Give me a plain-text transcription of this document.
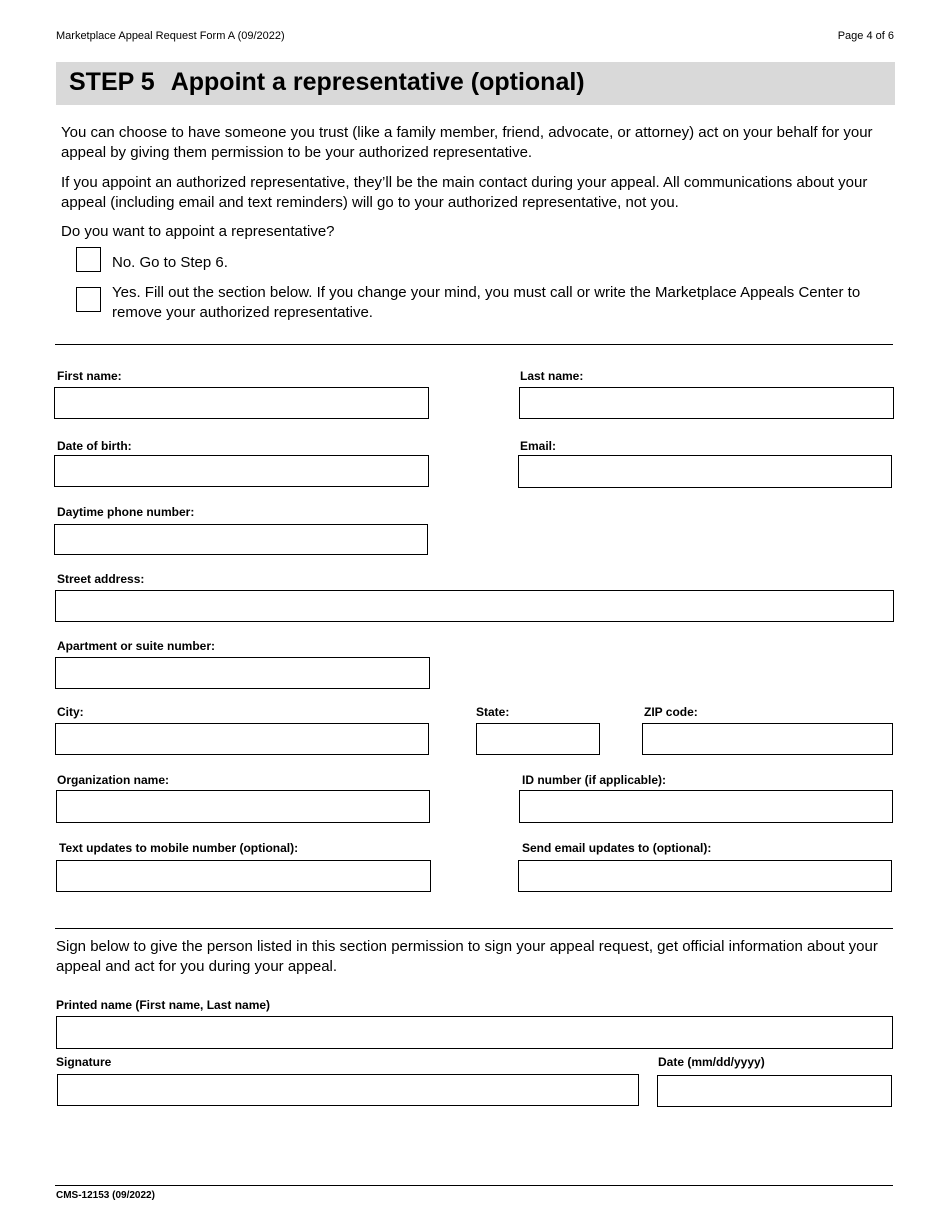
Marketplace Appeal Request Form A (09/2022)	Page 4 of 6
STEP 5 Appoint a representative (optional)
You can choose to have someone you trust (like a family member, friend, advocate, or attorney) act on your behalf for your appeal by giving them permission to be your authorized representative.
If you appoint an authorized representative, they’ll be the main contact during your appeal. All communications about your appeal (including email and text reminders) will go to your authorized representative, not you.
Do you want to appoint a representative?
No. Go to Step 6.
Yes. Fill out the section below. If you change your mind, you must call or write the Marketplace Appeals Center to remove your authorized representative.
First name:	Last name:
Date of birth:	Email:
Daytime phone number:
Street address:
Apartment or suite number:
City:	State:	ZIP code:
Organization name:	ID number (if applicable):
Text updates to mobile number (optional):	Send email updates to (optional):
Sign below to give the person listed in this section permission to sign your appeal request, get official information about your appeal and act for you during your appeal.
Printed name (First name, Last name)
Signature	Date (mm/dd/yyyy)
CMS-12153 (09/2022)
